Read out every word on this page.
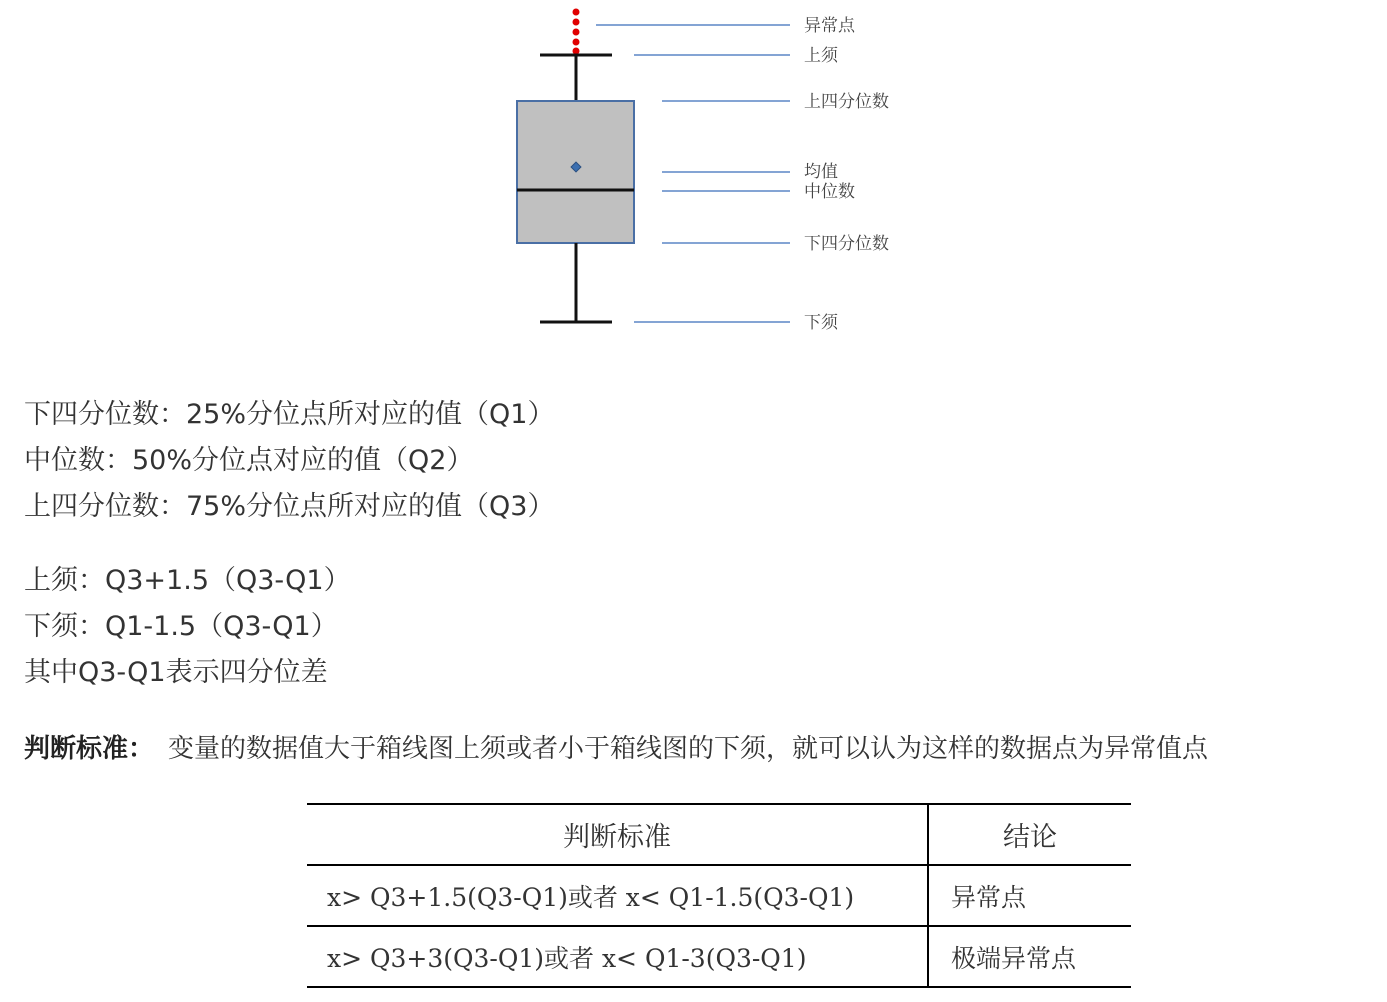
异常点
上须
上四分位数
均值
中位数
下四分位数
下须
下四分位数：25%分位点所对应的值（Q1）
中位数：50%分位点对应的值（Q2）
上四分位数：75%分位点所对应的值（Q3）
上须：Q3+1.5（Q3-Q1）
下须：Q1-1.5（Q3-Q1）
其中Q3-Q1表示四分位差

判断标准： 变量的数据值大于箱线图上须或者小于箱线图的下须，就可以认为这样的数据点为异常值点

判断标准	结论
x> Q3+1.5(Q3-Q1)或者 x< Q1-1.5(Q3-Q1)	异常点
x> Q3+3(Q3-Q1)或者 x< Q1-3(Q3-Q1)	极端异常点
